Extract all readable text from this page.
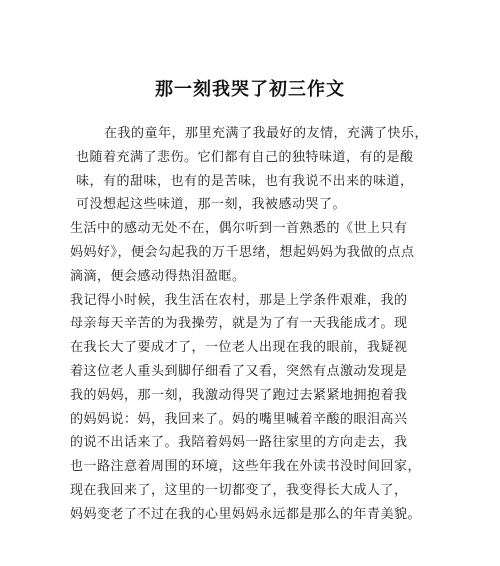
那一刻我哭了初三作文
在我的童年，那里充满了我最好的友情，充满了快乐，
也随着充满了悲伤。它们都有自己的独特味道，有的是酸
味，有的甜味，也有的是苦味，也有我说不出来的味道，
可没想起这些味道，那一刻，我被感动哭了。
生活中的感动无处不在，偶尔听到一首熟悉的《世上只有
妈妈好》，便会勾起我的万千思绪，想起妈妈为我做的点点
滴滴，便会感动得热泪盈眶。
我记得小时候，我生活在农村，那是上学条件艰难，我的
母亲每天辛苦的为我操劳，就是为了有一天我能成才。现
在我长大了要成才了，一位老人出现在我的眼前，我疑视
着这位老人重头到脚仔细看了又看，突然有点激动发现是
我的妈妈，那一刻，我激动得哭了跑过去紧紧地拥抱着我
的妈妈说：妈，我回来了。妈的嘴里喊着辛酸的眼泪高兴
的说不出话来了。我陪着妈妈一路往家里的方向走去，我
也一路注意着周围的环境，这些年我在外读书没时间回家，
现在我回来了，这里的一切都变了，我变得长大成人了，
妈妈变老了不过在我的心里妈妈永远都是那么的年青美貌。
